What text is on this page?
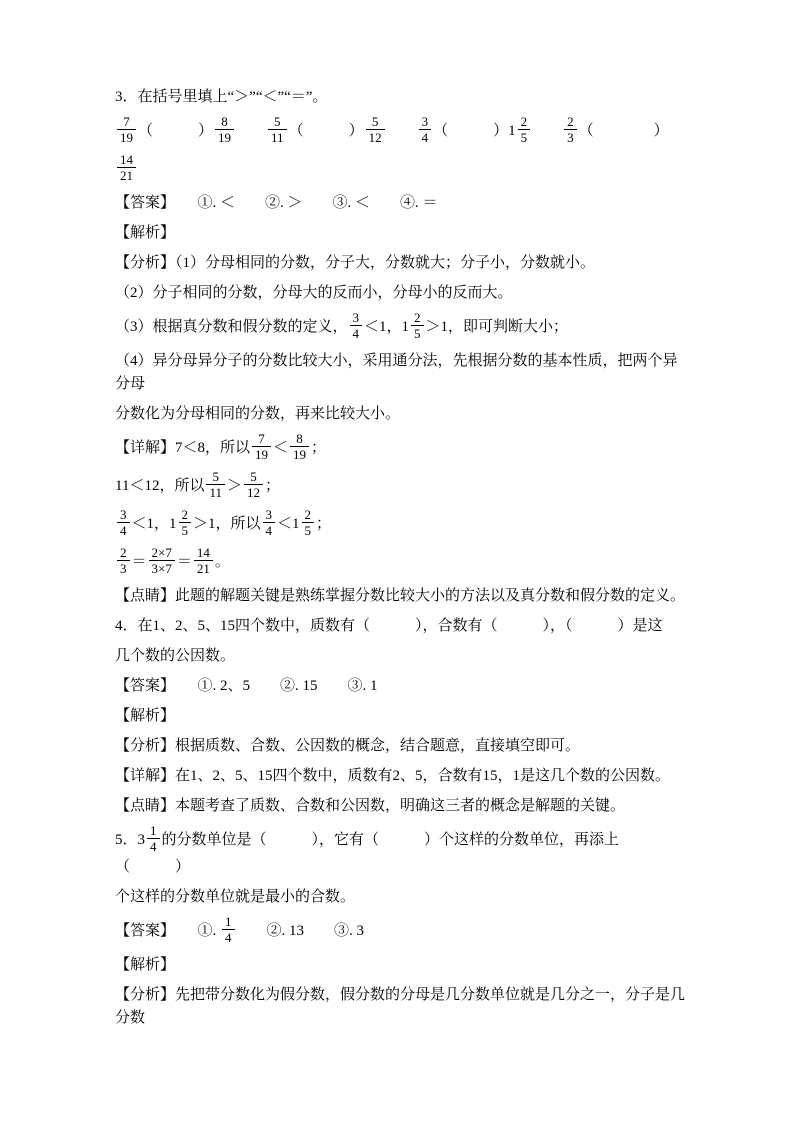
3．在括号里填上“＞”“＜”“＝”。
$\frac{7}{19}$ （　　　） $\frac{8}{19}$
　　	$\frac{5}{11}$ （　　　） $\frac{5}{12}$
　　	$\frac{3}{4}$ （　　　） $1 \frac{2}{5}$
　　	$\frac{2}{3}$ （　　　　）
$\frac{14}{21}$
【答案】　　①. ＜　　②. ＞　　③. ＜　　④. ＝
【解析】
【分析】（1）分母相同的分数，分子大，分数就大；分子小，分数就小。
（2）分子相同的分数，分母大的反而小，分母小的反而大。
（3）根据真分数和假分数的定义， $\frac{3}{4} <1$， $1 \frac{2}{5} >1$，即可判断大小；
（4）异分母异分子的分数比较大小，采用通分法，先根据分数的基本性质，把两个异分母
分数化为分母相同的分数，再来比较大小。
【详解】7＜8，所以 $\frac{7}{19} < \frac{8}{19}$ ；
11＜12，所以 $\frac{5}{11} > \frac{5}{12}$ ；
$\frac{3}{4} <1$， $1 \frac{2}{5} >1$，所以 $\frac{3}{4} < 1 \frac{2}{5}$ ；
$\frac{2}{3} = \frac{2\times 7}{3\times 7} = \frac{14}{21}$ 。
【点睛】此题的解题关键是熟练掌握分数比较大小的方法以及真分数和假分数的定义。
4．在1、2、5、15四个数中，质数有（　　　），合数有（　　　），（　　　）是这
几个数的公因数。
【答案】　　①. 2、5　　②. 15　　③. 1
【解析】
【分析】根据质数、合数、公因数的概念，结合题意，直接填空即可。
【详解】在1、2、5、15四个数中，质数有2、5，合数有15，1是这几个数的公因数。
【点睛】本题考查了质数、合数和公因数，明确这三者的概念是解题的关键。
5． $3 \frac{1}{4}$ 的分数单位是（　　　），它有（　　　）个这样的分数单位，再添上（　　　）
个这样的分数单位就是最小的合数。
【答案】　　①. $\frac{1}{4}$ 　　②. 13　　③. 3
【解析】
【分析】先把带分数化为假分数，假分数的分母是几分数单位就是几分之一，分子是几分数
